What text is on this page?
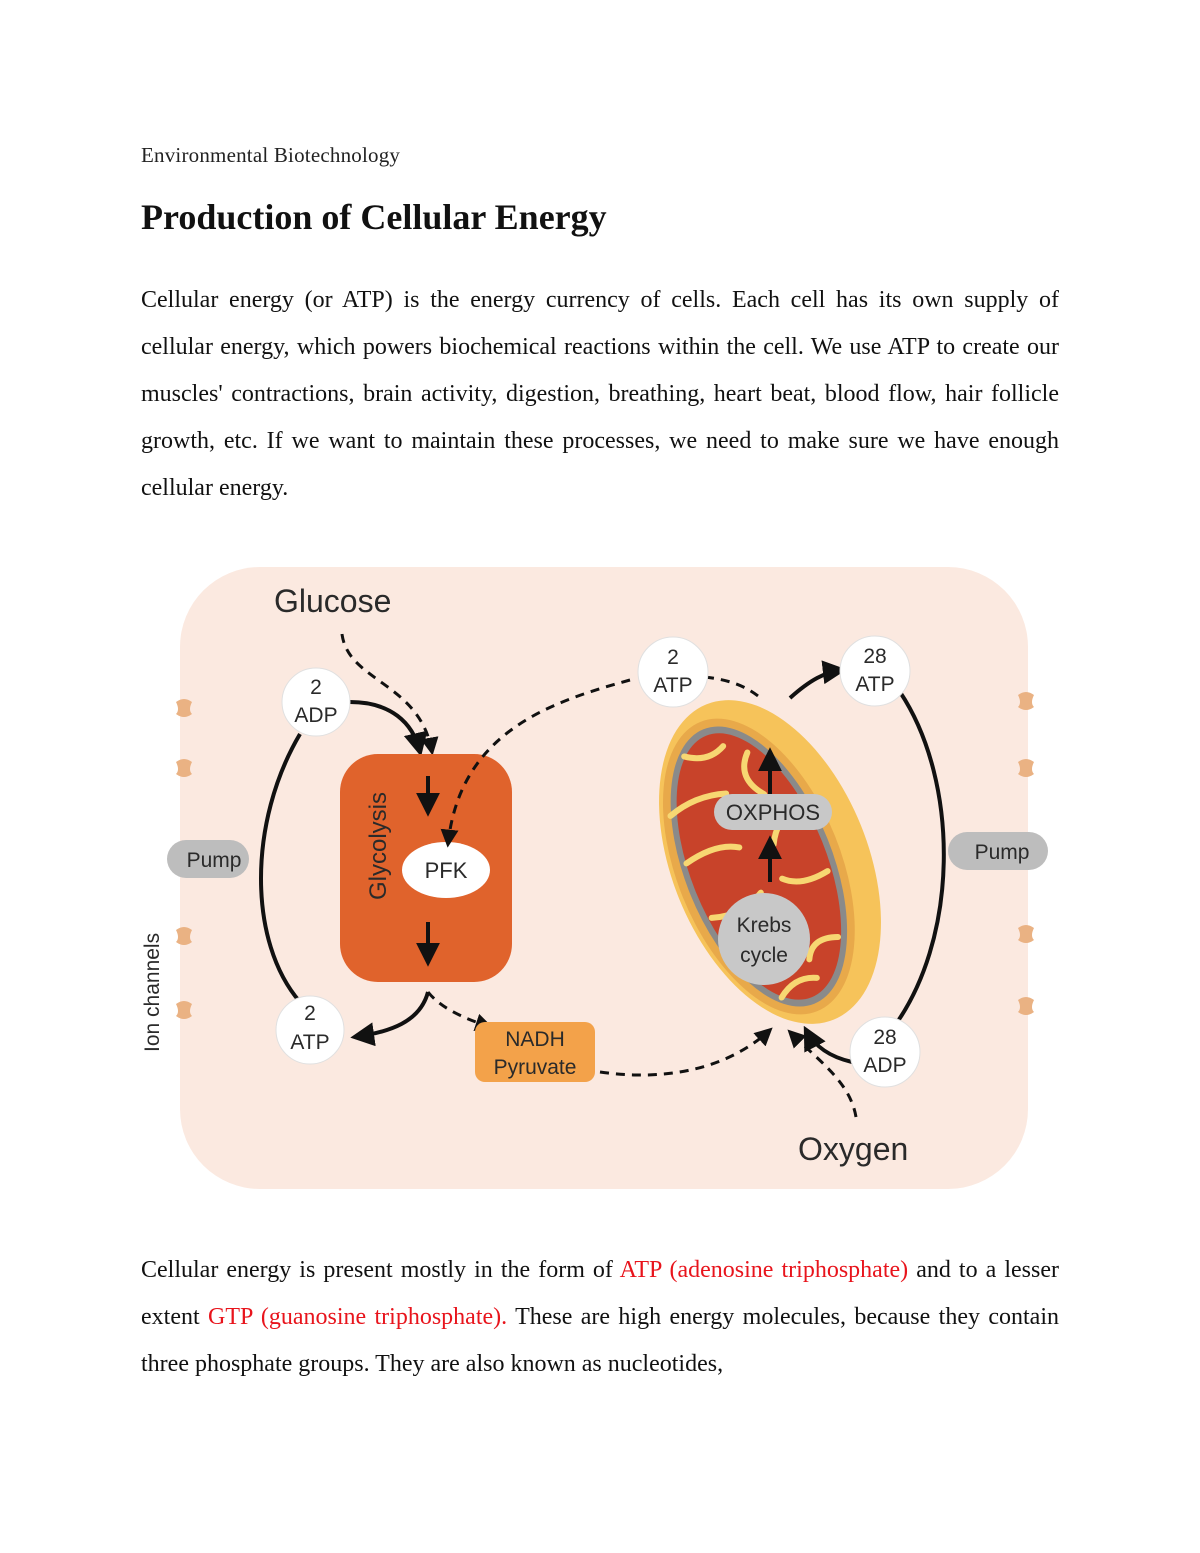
Environmental Biotechnology
Production of Cellular Energy

Cellular energy (or ATP) is the energy currency of cells. Each cell has its own supply of cellular energy, which powers biochemical reactions within the cell. We use ATP to create our muscles' contractions, brain activity, digestion, breathing, heart beat, blood flow, hair follicle growth, etc. If we want to maintain these processes, we need to make sure we have enough cellular energy.

Pump	Pump
Ion channels
Glucose
Glycolysis PFK
NADH
Pyruvate
Oxygen
OXPHOS
Krebs
cycle
2
ADP
2
ATP
2
ATP
28
ATP
28
ADP

Cellular energy is present mostly in the form of ATP (adenosine triphosphate) and to a lesser extent GTP (guanosine triphosphate). These are high energy molecules, because they contain three phosphate groups. They are also known as nucleotides,
